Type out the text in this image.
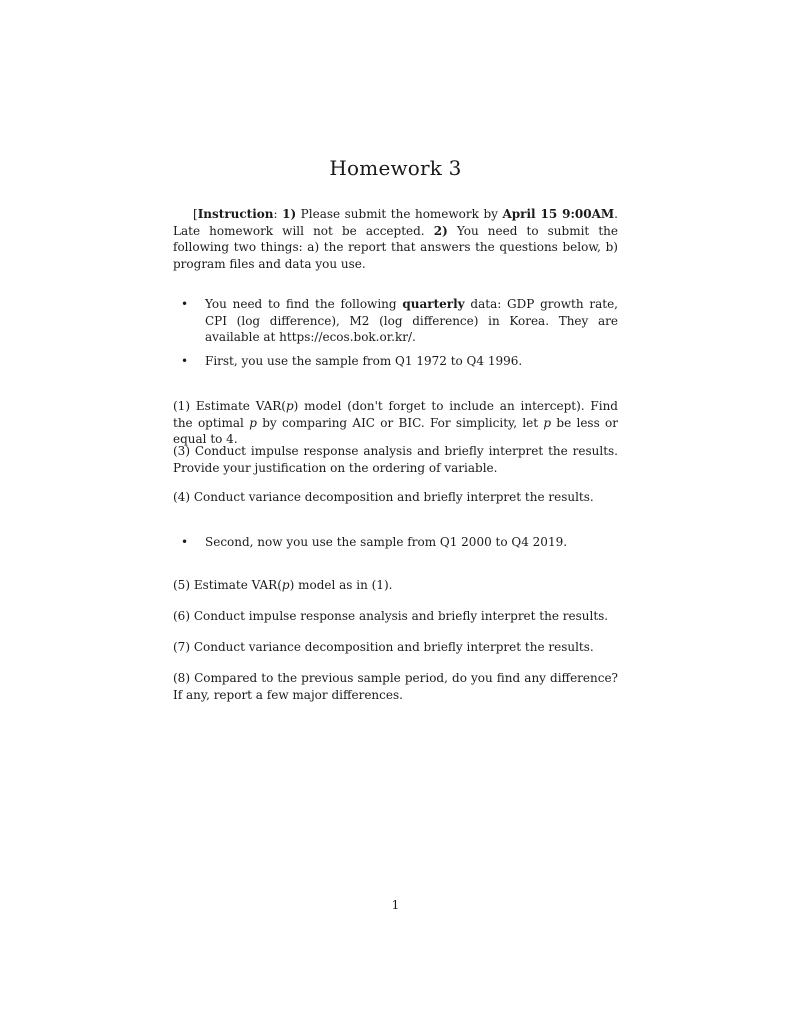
Homework 3
[Instruction: 1) Please submit the homework by April 15 9:00AM. Late homework will not be accepted. 2) You need to submit the following two things: a) the report that answers the questions below, b) program files and data you use.
•	You need to find the following quarterly data: GDP growth rate, CPI (log difference), M2 (log difference) in Korea. They are available at https://ecos.bok.or.kr/.
•	First, you use the sample from Q1 1972 to Q4 1996.
(1) Estimate VAR(p) model (don't forget to include an intercept). Find the optimal p by comparing AIC or BIC. For simplicity, let p be less or equal to 4.
(3) Conduct impulse response analysis and briefly interpret the results. Provide your justification on the ordering of variable.
(4) Conduct variance decomposition and briefly interpret the results.
•	Second, now you use the sample from Q1 2000 to Q4 2019.
(5) Estimate VAR(p) model as in (1).
(6) Conduct impulse response analysis and briefly interpret the results.
(7) Conduct variance decomposition and briefly interpret the results.
(8) Compared to the previous sample period, do you find any difference? If any, report a few major differences.
1
